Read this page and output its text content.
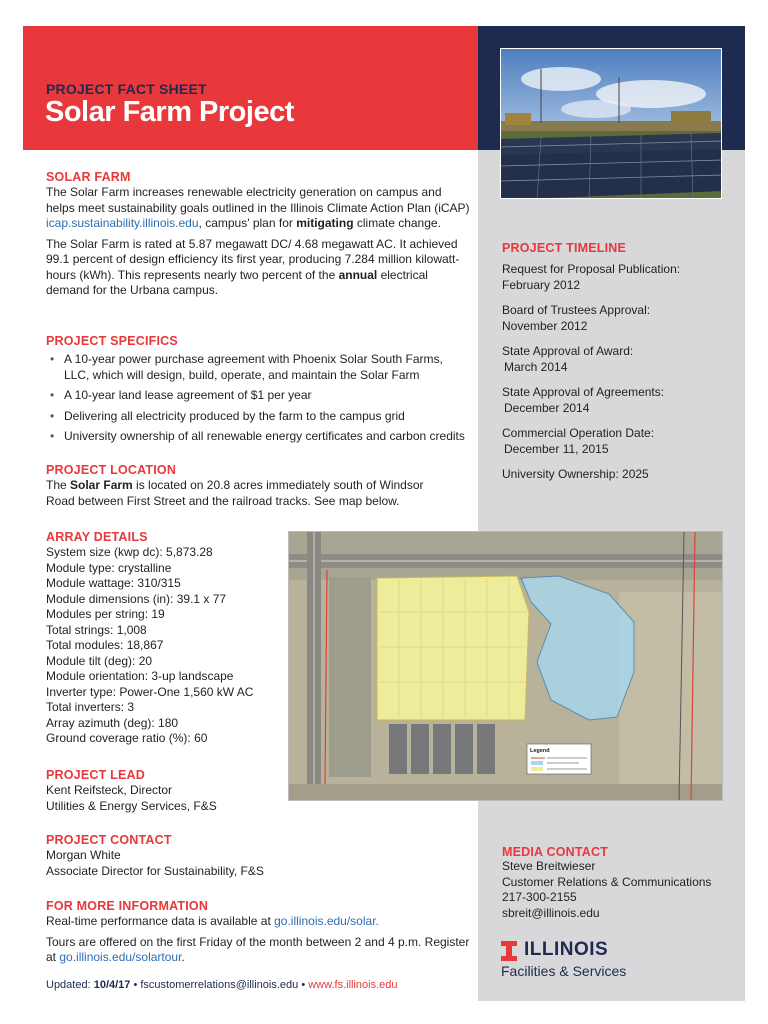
PROJECT FACT SHEET
Solar Farm Project
SOLAR FARM

The Solar Farm increases renewable electricity generation on campus and helps meet sustainability goals outlined in the Illinois Climate Action Plan (iCAP) icap.sustainability.illinois.edu, campus' plan for mitigating climate change.

The Solar Farm is rated at 5.87 megawatt DC/ 4.68 megawatt AC. It achieved 99.1 percent of design efficiency its first year, producing 7.284 million kilowatt-hours (kWh). This represents nearly two percent of the annual electrical demand for the Urbana campus.

PROJECT SPECIFICS
• A 10-year power purchase agreement with Phoenix Solar South Farms, LLC, which will design, build, operate, and maintain the Solar Farm
• A 10-year land lease agreement of $1 per year
• Delivering all electricity produced by the farm to the campus grid
• University ownership of all renewable energy certificates and carbon credits
PROJECT LOCATION

The Solar Farm is located on 20.8 acres immediately south of Windsor Road between First Street and the railroad tracks. See map below.

ARRAY DETAILS
System size (kwp dc): 5,873.28
Module type: crystalline
Module wattage: 310/315
Module dimensions (in): 39.1 x 77
Modules per string: 19
Total strings: 1,008
Total modules: 18,867
Module tilt (deg): 20
Module orientation: 3-up landscape
Inverter type: Power-One 1,560 kW AC
Total inverters: 3
Array azimuth (deg): 180
Ground coverage ratio (%): 60
PROJECT LEAD
Kent Reifsteck, Director
Utilities & Energy Services, F&S
PROJECT CONTACT
Morgan White
Associate Director for Sustainability, F&S
FOR MORE INFORMATION

Real-time performance data is available at go.illinois.edu/solar.

Tours are offered on the first Friday of the month between 2 and 4 p.m. Register at go.illinois.edu/solartour.

Updated: 10/4/17 • fscustomerrelations@illinois.edu • www.fs.illinois.edu
PROJECT TIMELINE
Request for Proposal Publication:
February 2012
Board of Trustees Approval:
November 2012
State Approval of Award:
March 2014
State Approval of Agreements:
December 2014
Commercial Operation Date:
December 11, 2015
University Ownership: 2025
Legend
MEDIA CONTACT
Steve Breitwieser
Customer Relations & Communications
217-300-2155
sbreit@illinois.edu
ILLINOIS
Facilities & Services
